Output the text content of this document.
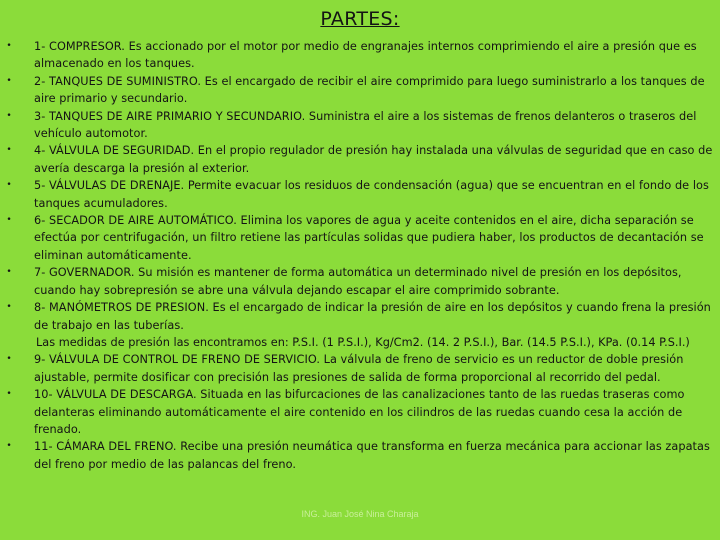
PARTES:
• 1- COMPRESOR. Es accionado por el motor por medio de engranajes internos comprimiendo el aire a presión que es almacenado en los tanques.
• 2- TANQUES DE SUMINISTRO. Es el encargado de recibir el aire comprimido para luego suministrarlo a los tanques de aire primario y secundario.
• 3- TANQUES DE AIRE PRIMARIO Y SECUNDARIO. Suministra el aire a los sistemas de frenos delanteros o traseros del vehículo automotor.
• 4- VÁLVULA DE SEGURIDAD. En el propio regulador de presión hay instalada una válvulas de seguridad que en caso de avería descarga la presión al exterior.
• 5- VÁLVULAS DE DRENAJE. Permite evacuar los residuos de condensación (agua) que se encuentran en el fondo de los tanques acumuladores.
• 6- SECADOR DE AIRE AUTOMÁTICO. Elimina los vapores de agua y aceite contenidos en el aire, dicha separación se efectúa por centrifugación, un filtro retiene las partículas solidas que pudiera haber, los productos de decantación se eliminan automáticamente.
• 7- GOVERNADOR. Su misión es mantener de forma automática un determinado nivel de presión en los depósitos, cuando hay sobrepresión se abre una válvula dejando escapar el aire comprimido sobrante.
• 8- MANÓMETROS DE PRESION. Es el encargado de indicar la presión de aire en los depósitos y cuando frena la presión de trabajo en las tuberías.
Las medidas de presión las encontramos en: P.S.I. (1 P.S.I.), Kg/Cm2. (14. 2 P.S.I.), Bar. (14.5 P.S.I.), KPa. (0.14 P.S.I.)
• 9- VÁLVULA DE CONTROL DE FRENO DE SERVICIO. La válvula de freno de servicio es un reductor de doble presión ajustable, permite dosificar con precisión las presiones de salida de forma proporcional al recorrido del pedal.
• 10- VÁLVULA DE DESCARGA. Situada en las bifurcaciones de las canalizaciones tanto de las ruedas traseras como delanteras eliminando automáticamente el aire contenido en los cilindros de las ruedas cuando cesa la acción de frenado.
• 11- CÁMARA DEL FRENO. Recibe una presión neumática que transforma en fuerza mecánica para accionar las zapatas del freno por medio de las palancas del freno.
ING. Juan José Nina Charaja
